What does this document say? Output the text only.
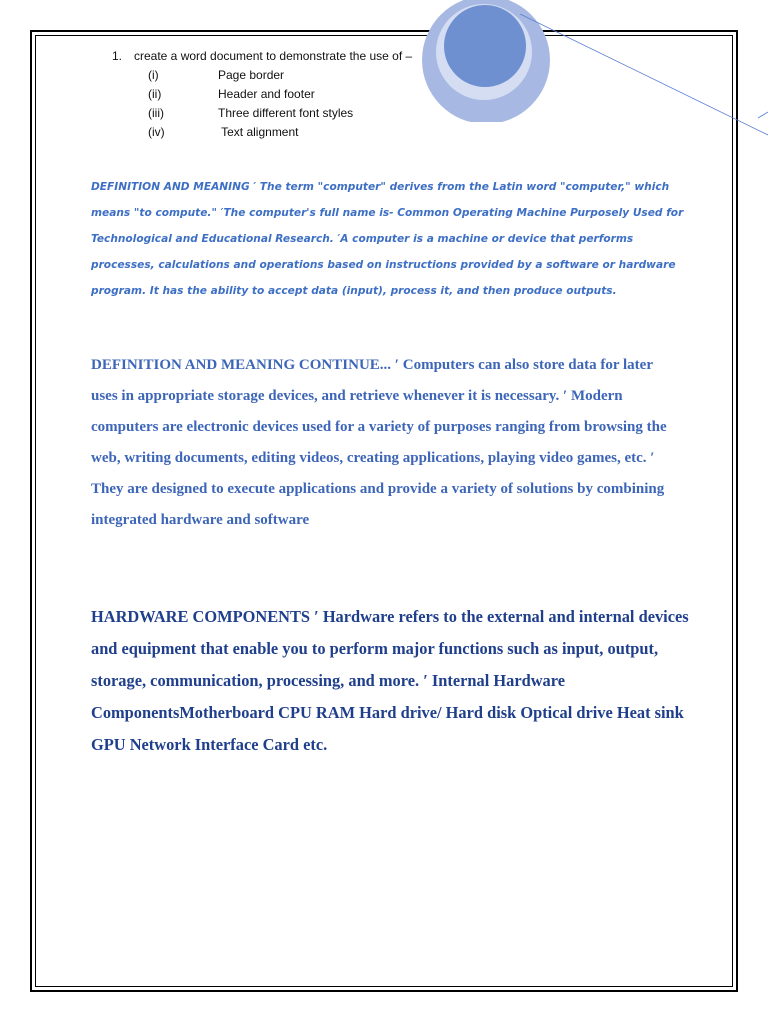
1. create a word document to demonstrate the use of –
(i)	Page border
(ii)	Header and footer
(iii)	Three different font styles
(iv)	Text alignment
DEFINITION AND MEANING ′ The term "computer" derives from the Latin word "computer," which means "to compute." ′The computer's full name is- Common Operating Machine Purposely Used for Technological and Educational Research. ′A computer is a machine or device that performs processes, calculations and operations based on instructions provided by a software or hardware program. It has the ability to accept data (input), process it, and then produce outputs.
DEFINITION AND MEANING CONTINUE... ′ Computers can also store data for later uses in appropriate storage devices, and retrieve whenever it is necessary. ′ Modern computers are electronic devices used for a variety of purposes ranging from browsing the web, writing documents, editing videos, creating applications, playing video games, etc. ′ They are designed to execute applications and provide a variety of solutions by combining integrated hardware and software
HARDWARE COMPONENTS ′ Hardware refers to the external and internal devices and equipment that enable you to perform major functions such as input, output, storage, communication, processing, and more. ′ Internal Hardware ComponentsMotherboard CPU RAM Hard drive/ Hard disk Optical drive Heat sink GPU Network Interface Card etc.
